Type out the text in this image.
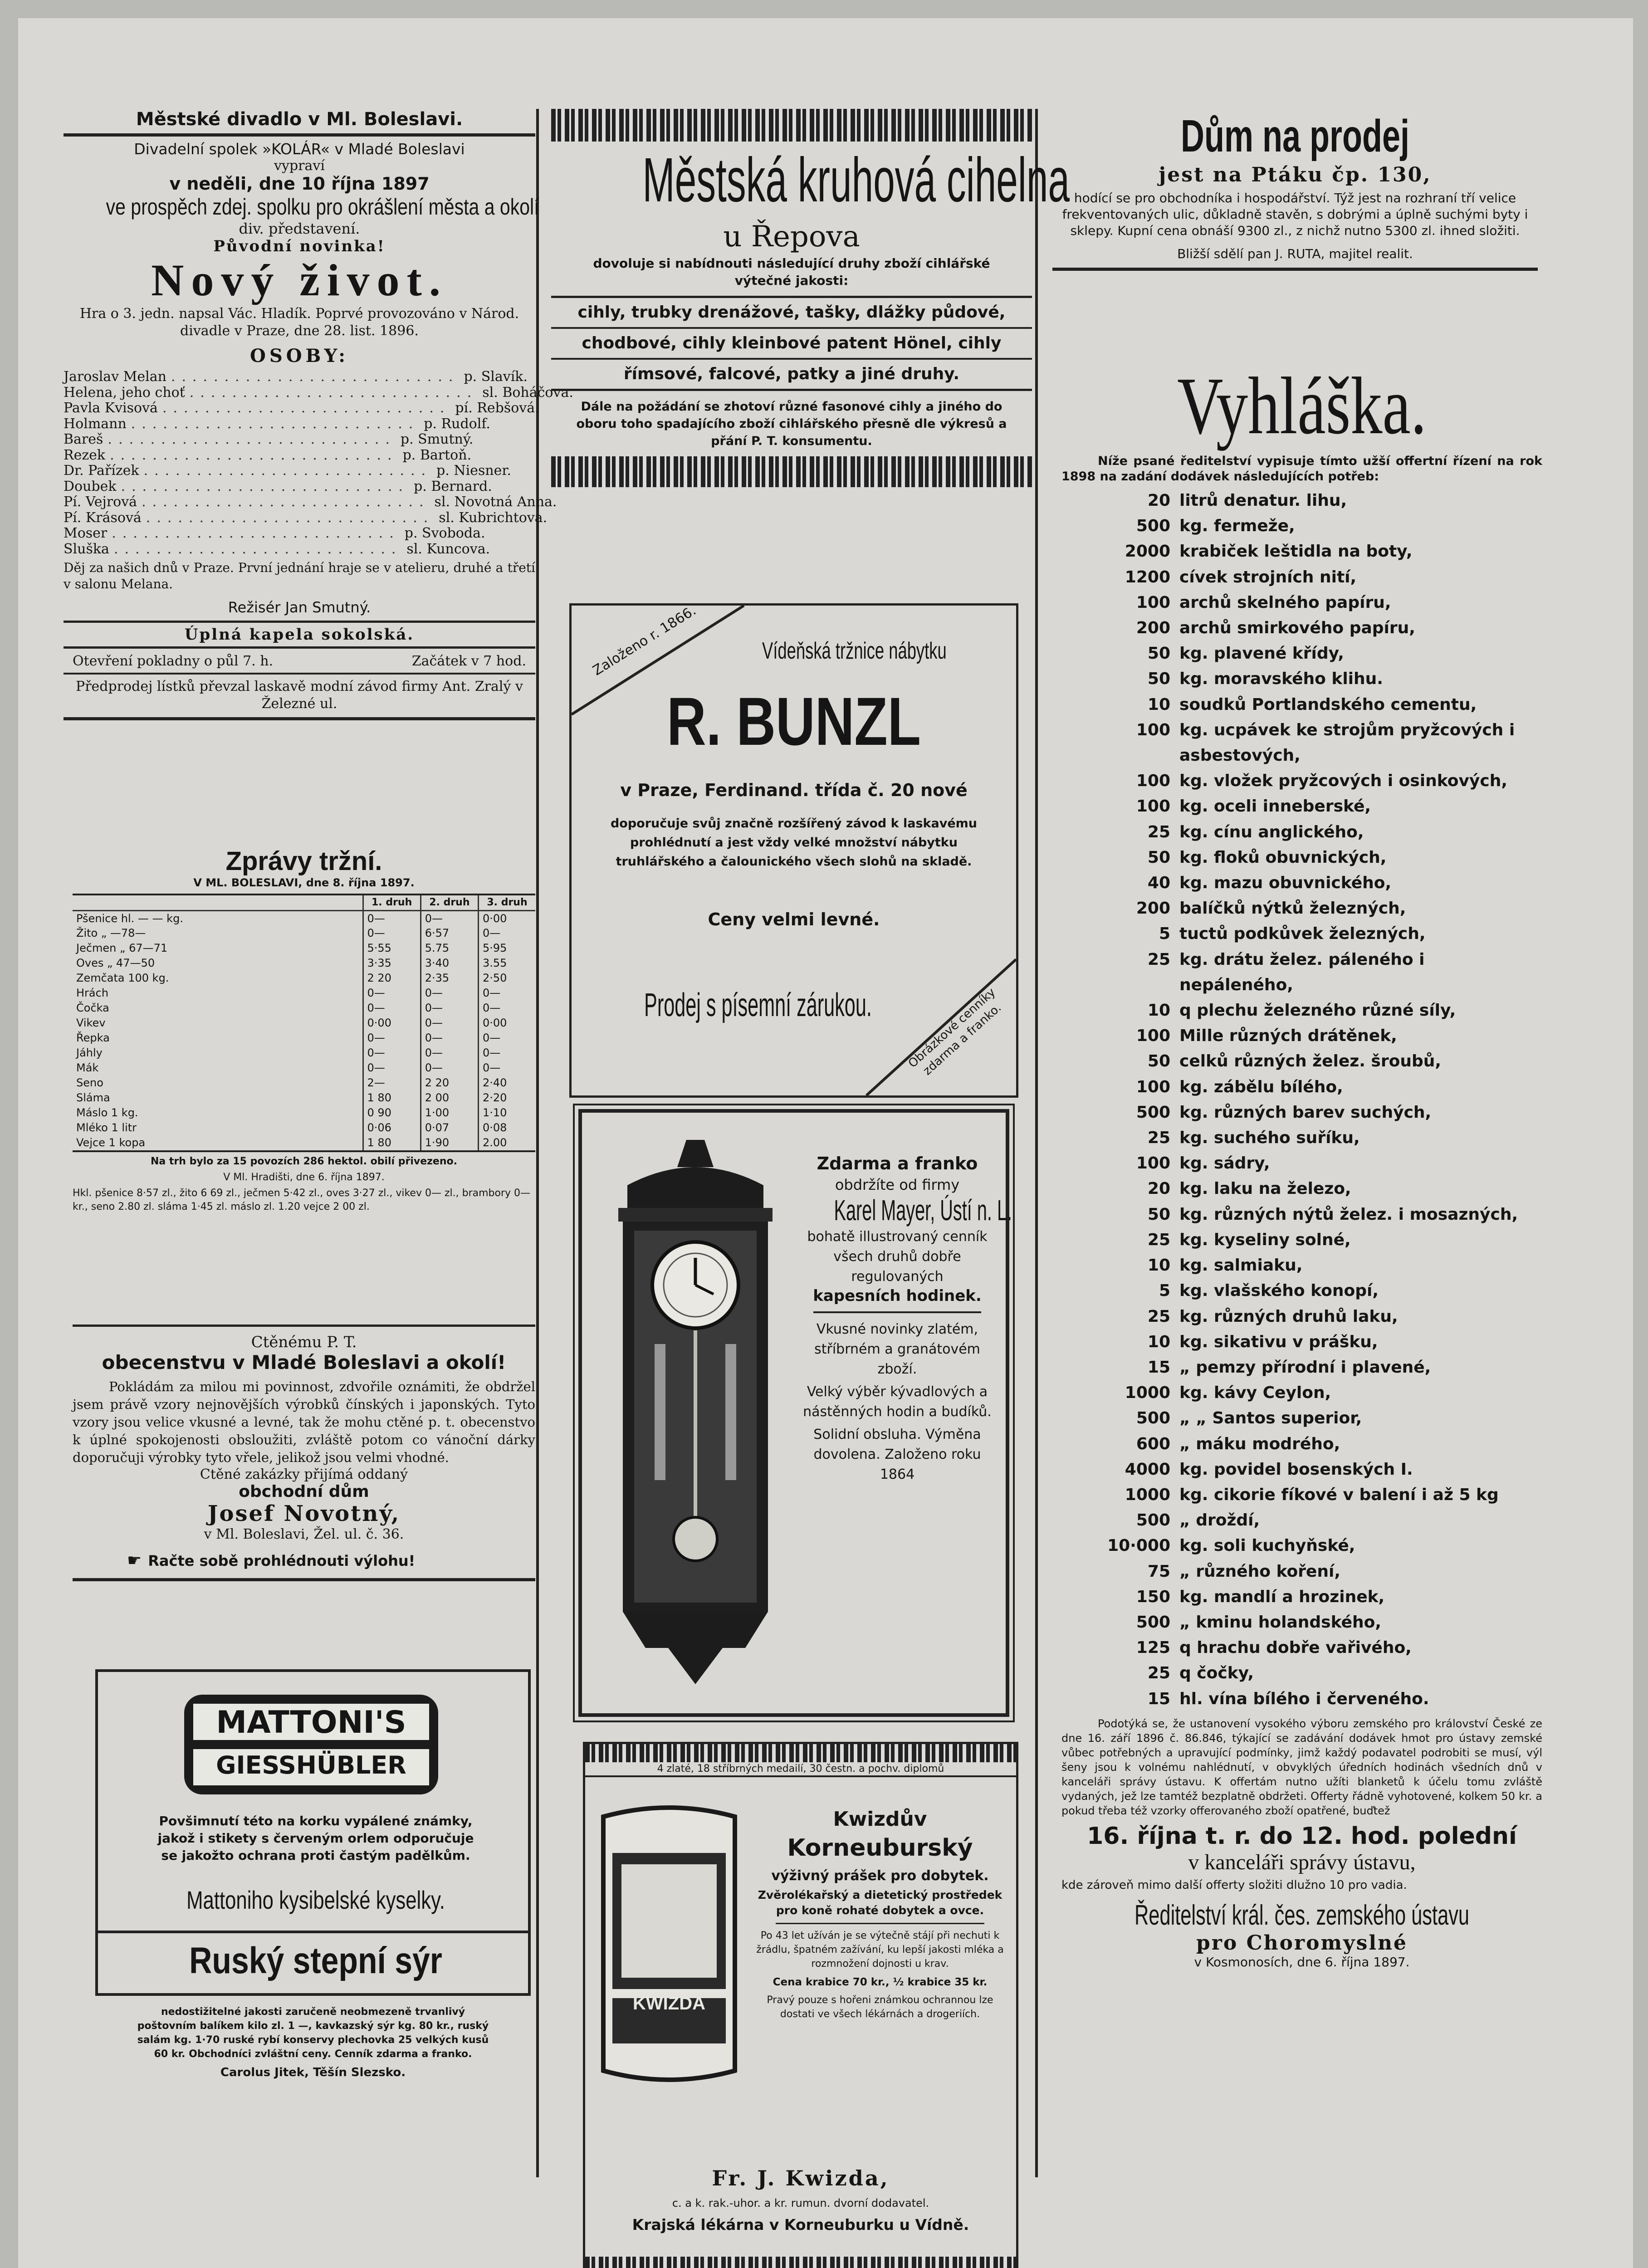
Městské divadlo v Ml. Boleslavi.

Divadelní spolek »KOLÁR« v Mladé Boleslavi

vypraví

v neděli, dne 10 října 1897

ve prospěch zdej. spolku pro okrášlení města a okolí

div. představení.

Původní novinka!

Nový život.

Hra o 3. jedn. napsal Vác. Hladík. Poprvé provozováno v Národ. divadle v Praze, dne 28. list. 1896.

OSOBY:

Jaroslav Melan ........................... p. Slavík.
Helena, jeho choť ........................... sl. Boháčova.
Pavla Kvisová ........................... pí. Rebšová.
Holmann ........................... p. Rudolf.
Bareš ........................... p. Smutný.
Rezek ........................... p. Bartoň.
Dr. Pařízek ........................... p. Niesner.
Doubek ........................... p. Bernard.
Pí. Vejrová ........................... sl. Novotná Anna.
Pí. Krásová ........................... sl. Kubrichtova.
Moser ........................... p. Svoboda.
Sluška ........................... sl. Kuncova.

Děj za našich dnů v Praze. První jednání hraje se v atelieru, druhé a třetí v salonu Melana.

Režisér Jan Smutný.

Úplná kapela sokolská.

Otevření pokladny o půl 7. h.	Začátek v 7 hod.

Předprodej lístků převzal laskavě modní závod firmy Ant. Zralý v Železné ul.

Zprávy tržní.

V ML. BOLESLAVI, dne 8. října 1897.

	1. druh	2. druh	3. druh
Pšenice hl. — — kg.	0—	0—	0·00
Žito „ —78—	0—	6·57	0—
Ječmen „ 67—71	5·55	5.75	5·95
Oves „ 47—50	3·35	3·40	3.55
Zemčata 100 kg.	2 20	2·35	2·50
Hrách	0—	0—	0—
Čočka	0—	0—	0—
Vikev	0·00	0—	0·00
Řepka	0—	0—	0—
Jáhly	0—	0—	0—
Mák	0—	0—	0—
Seno	2—	2 20	2·40
Sláma	1 80	2 00	2·20
Máslo 1 kg.	0 90	1·00	1·10
Mléko 1 litr	0·06	0·07	0·08
Vejce 1 kopa	1 80	1·90	2.00

Na trh bylo za 15 povozích 286 hektol. obilí přivezeno.

V Ml. Hradišti, dne 6. října 1897.

Hkl. pšenice 8·57 zl., žito 6 69 zl., ječmen 5·42 zl., oves 3·27 zl., vikev 0— zl., brambory 0— kr., seno 2.80 zl. sláma 1·45 zl. máslo zl. 1.20 vejce 2 00 zl.

Ctěnému P. T.

obecenstvu v Mladé Boleslavi a okolí!

Pokládám za milou mi povinnost, zdvořile oznámiti, že obdržel jsem právě vzory nejnovějších výrobků čínských i japonských. Tyto vzory jsou velice vkusné a levné, tak že mohu ctěné p. t. obecenstvo k úplné spokojenosti obsloužiti, zvláště potom co vánoční dárky doporučuji výrobky tyto vřele, jelikož jsou velmi vhodné.

Ctěné zakázky přijímá oddaný

obchodní dům

Josef Novotný,

v Ml. Boleslavi, Žel. ul. č. 36.

☛ Račte sobě prohlédnouti výlohu!
MATTONI'S
GIESSHÜBLER

Povšimnutí této na korku vypálené známky, jakož i stikety s červeným orlem odporučuje se jakožto ochrana proti častým padělkům.

Mattoniho kysibelské kyselky.

Ruský stepní sýr

nedostižitelné jakosti zaručeně neobmezeně trvanlivý poštovním balíkem kilo zl. 1 —, kavkazský sýr kg. 80 kr., ruský salám kg. 1·70 ruské rybí konservy plechovka 25 velkých kusů 60 kr. Obchodníci zvláštní ceny. Cenník zdarma a franko.

Carolus Jitek, Těšín Slezsko.

Městská kruhová cihelna

u Řepova

dovoluje si nabídnouti následující druhy zboží cihlářské výtečné jakosti:

cihly, trubky drenážové, tašky, dlážky půdové,

chodbové, cihly kleinbové patent Hönel, cihly

římsové, falcové, patky a jiné druhy.

Dále na požádání se zhotoví různé fasonové cihly a jiného do oboru toho spadajícího zboží cihlářského přesně dle výkresů a přání P. T. konsumentu.

Založeno r. 1866.	Vídeňská tržnice nábytku

R. BUNZL

v Praze, Ferdinand. třída č. 20 nové

doporučuje svůj značně rozšířený závod k laskavému prohlédnutí a jest vždy velké množství nábytku truhlářského a čalounického všech slohů na skladě.

Ceny velmi levné.

Prodej s písemní zárukou.	Obrázkové cenníky zdarma a franko.

Zdarma a franko

obdržíte od firmy

Karel Mayer, Ústí n. L.

bohatě illustrovaný cenník všech druhů dobře regulovaných

kapesních hodinek.

Vkusné novinky zlatém, stříbrném a granátovém zboží.

Velký výběr kývadlových a nástěnných hodin a budíků.

Solidní obsluha. Výměna dovolena. Založeno roku 1864

4 zlaté, 18 stříbrných medailí, 30 čestn. a pochv. diplomů

KWIZDA

Kwizdův

Korneuburský

výživný prášek pro dobytek.

Zvěrolékařský a dietetický prostředek pro koně rohaté dobytek a ovce.

Po 43 let užíván je se výtečně stájí při nechuti k žrádlu, špatném zažívání, ku lepší jakosti mléka a rozmnožení dojnosti u krav.

Cena krabice 70 kr., ½ krabice 35 kr.

Pravý pouze s hořeni známkou ochrannou lze dostati ve všech lékárnách a drogeriích.

Fr. J. Kwizda,

c. a k. rak.-uhor. a kr. rumun. dvorní dodavatel.

Krajská lékárna v Korneuburku u Vídně.

Dům na prodej

jest na Ptáku čp. 130,

hodící se pro obchodníka i hospodářství. Týž jest na rozhraní tří velice frekventovaných ulic, důkladně stavěn, s dobrými a úplně suchými byty i sklepy. Kupní cena obnáší 9300 zl., z nichž nutno 5300 zl. ihned složiti.

Bližší sdělí pan J. RUTA, majitel realit.

Vyhláška.

Níže psané ředitelství vypisuje tímto užší offertní řízení na rok 1898 na zadání dodávek následujících potřeb:

20 litrů denatur. lihu,
500 kg. fermeže,
2000 krabiček leštidla na boty,
1200 cívek strojních nití,
100 archů skelného papíru,
200 archů smirkového papíru,
50 kg. plavené křídy,
50 kg. moravského klihu.
10 soudků Portlandského cementu,
100 kg. ucpávek ke strojům pryžcových i asbestových,
100 kg. vložek pryžcových i osinkových,
100 kg. oceli inneberské,
25 kg. cínu anglického,
50 kg. floků obuvnických,
40 kg. mazu obuvnického,
200 balíčků nýtků železných,
5 tuctů podkůvek železných,
25 kg. drátu želez. páleného i nepáleného,
10 q plechu železného různé síly,
100 Mille různých drátěnek,
50 celků různých želez. šroubů,
100 kg. zábělu bílého,
500 kg. různých barev suchých,
25 kg. suchého suříku,
100 kg. sádry,
20 kg. laku na železo,
50 kg. různých nýtů želez. i mosazných,
25 kg. kyseliny solné,
10 kg. salmiaku,
5 kg. vlašského konopí,
25 kg. různých druhů laku,
10 kg. sikativu v prášku,
15 „ pemzy přírodní i plavené,
1000 kg. kávy Ceylon,
500 „ „ Santos superior,
600 „ máku modrého,
4000 kg. povidel bosenských I.
1000 kg. cikorie fíkové v balení i až 5 kg
500 „ droždí,
10·000 kg. soli kuchyňské,
75 „ různého koření,
150 kg. mandlí a hrozinek,
500 „ kminu holandského,
125 q hrachu dobře vařivého,
25 q čočky,
15 hl. vína bílého i červeného.

Podotýká se, že ustanovení vysokého výboru zemského pro království České ze dne 16. září 1896 č. 86.846, týkající se zadávání dodávek hmot pro ústavy zemské vůbec potřebných a upravující podmínky, jimž každý podavatel podrobiti se musí, výl šeny jsou k volnému nahlédnutí, v obvyklých úředních hodinách všedních dnů v kanceláři správy ústavu. K offertám nutno užíti blanketů k účelu tomu zvláště vydaných, jež lze tamtéž bezplatně obdržeti. Offerty řádně vyhotovené, kolkem 50 kr. a pokud třeba též vzorky offerovaného zboží opatřené, buďtež

16. října t. r. do 12. hod. polední

v kanceláři správy ústavu,

kde zároveň mimo další offerty složiti dlužno 10 pro vadia.

Ředitelství král. čes. zemského ústavu

pro Choromyslné

v Kosmonosích, dne 6. října 1897.
